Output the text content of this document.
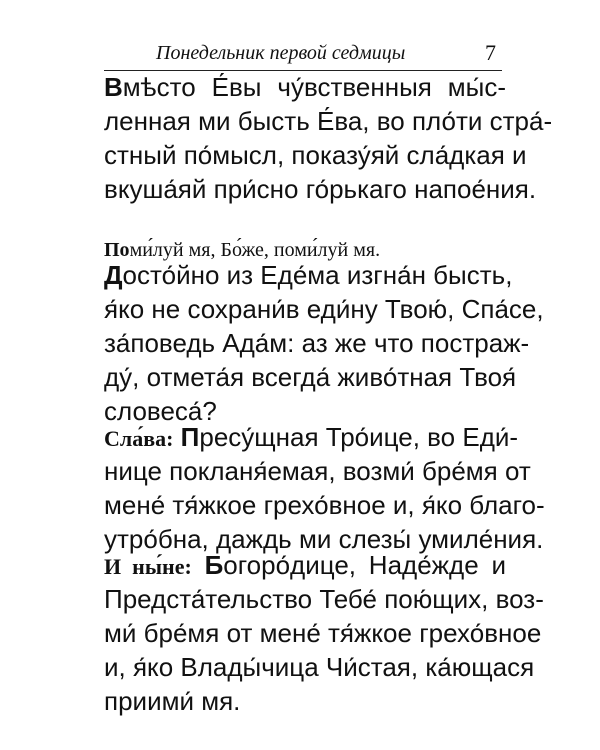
Понедельник первой седмицы	7

Вмѣсто Е́вы чу́вственныя мы́с-

ленная ми бысть Е́ва, во пло́ти стра́-

стный по́мысл, показу́яй сла́дкая и

вкуша́яй при́сно го́рькаго напое́ния.

Поми́луй мя, Бо́же, поми́луй мя.

Досто́йно из Еде́ма изгна́н бысть,

я́ко не сохрани́в еди́ну Твою́, Спа́се,

за́поведь Ада́м: аз же что постраж-

ду́, отмета́я всегда́ живо́тная Твоя́

словеса́?

Сла́ва: Пресу́щная Тро́ице, во Еди́-

нице покланя́емая, возми́ бре́мя от

мене́ тя́жкое грехо́вное и, я́ко благо-

утро́бна, даждь ми слезы́ умиле́ния.

И ны́не: Богоро́дице, Наде́жде и

Предста́тельство Тебе́ пою́щих, воз-

ми́ бре́мя от мене́ тя́жкое грехо́вное

и, я́ко Влады́чица Чи́стая, ка́ющася

приими́ мя.
